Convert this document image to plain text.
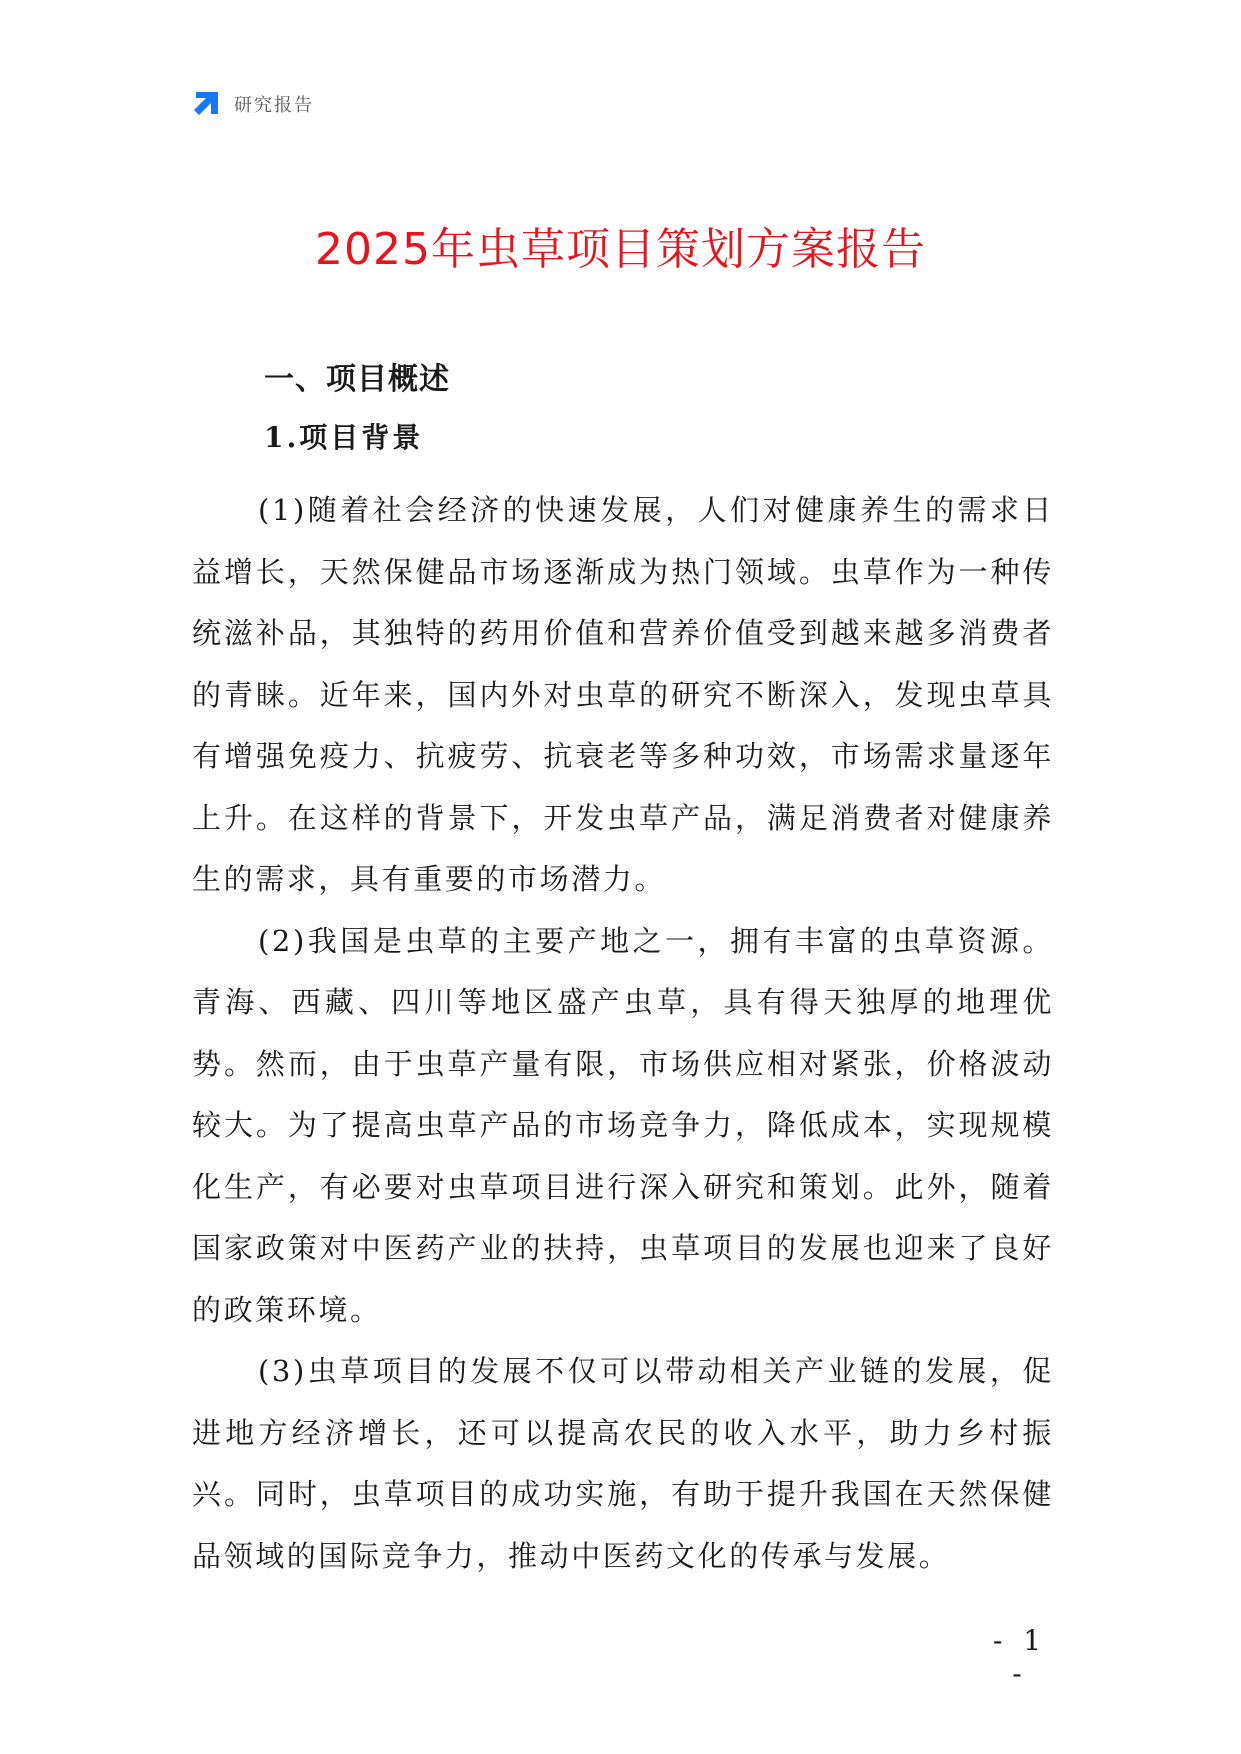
研究报告
2025年虫草项目策划方案报告
一、项目概述
1.项目背景

(1)随着社会经济的快速发展，人们对健康养生的需求日益增长，天然保健品市场逐渐成为热门领域。虫草作为一种传统滋补品，其独特的药用价值和营养价值受到越来越多消费者的青睐。近年来，国内外对虫草的研究不断深入，发现虫草具有增强免疫力、抗疲劳、抗衰老等多种功效，市场需求量逐年上升。在这样的背景下，开发虫草产品，满足消费者对健康养生的需求，具有重要的市场潜力。

(2)我国是虫草的主要产地之一，拥有丰富的虫草资源。青海、西藏、四川等地区盛产虫草，具有得天独厚的地理优势。然而，由于虫草产量有限，市场供应相对紧张，价格波动较大。为了提高虫草产品的市场竞争力，降低成本，实现规模化生产，有必要对虫草项目进行深入研究和策划。此外，随着国家政策对中医药产业的扶持，虫草项目的发展也迎来了良好的政策环境。

(3)虫草项目的发展不仅可以带动相关产业链的发展，促进地方经济增长，还可以提高农民的收入水平，助力乡村振兴。同时，虫草项目的成功实施，有助于提升我国在天然保健品领域的国际竞争力，推动中医药文化的传承与发展。

- 1 -
